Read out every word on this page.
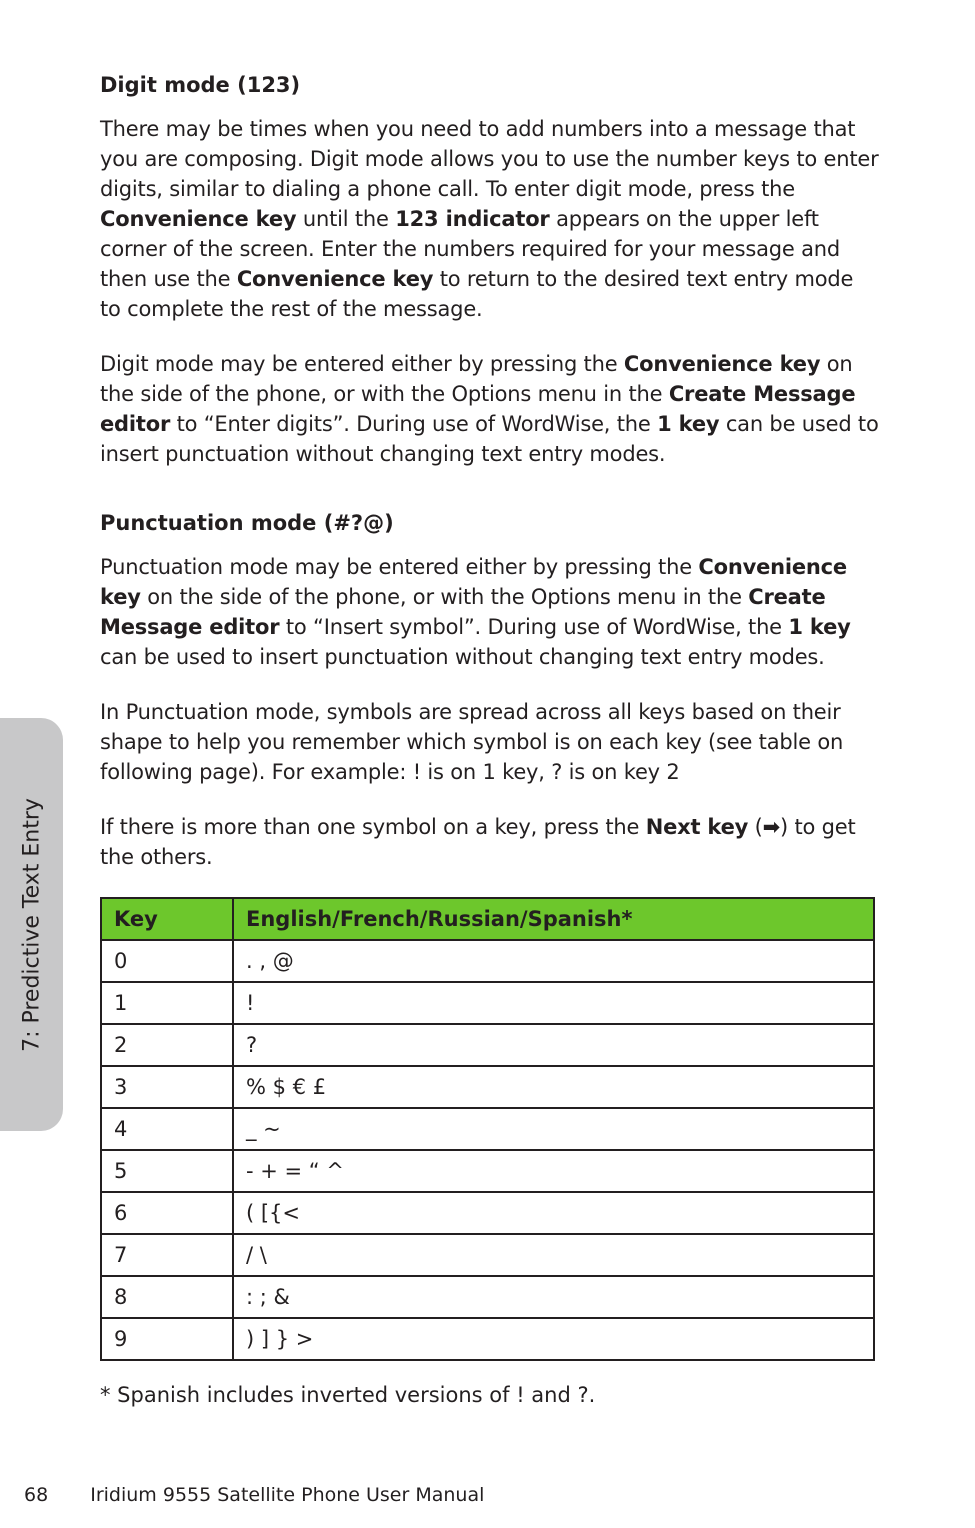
7: Predictive Text Entry
Digit mode (123)

There may be times when you need to add numbers into a message that you are composing. Digit mode allows you to use the number keys to enter digits, similar to dialing a phone call. To enter digit mode, press the Convenience key until the 123 indicator appears on the upper left corner of the screen. Enter the numbers required for your message and then use the Convenience key to return to the desired text entry mode to complete the rest of the message.

Digit mode may be entered either by pressing the Convenience key on the side of the phone, or with the Options menu in the Create Message editor to “Enter digits”. During use of WordWise, the 1 key can be used to insert punctuation without changing text entry modes.

Punctuation mode (#?@)

Punctuation mode may be entered either by pressing the Convenience key on the side of the phone, or with the Options menu in the Create Message editor to “Insert symbol”. During use of WordWise, the 1 key can be used to insert punctuation without changing text entry modes.

In Punctuation mode, symbols are spread across all keys based on their shape to help you remember which symbol is on each key (see table on following page). For example: ! is on 1 key, ? is on key 2

If there is more than one symbol on a key, press the Next key (➡) to get the others.

Key	English/French/Russian/Spanish*
0	. , @
1	!
2	?
3	% $ € £
4	_ ~
5	- + = “ ^
6	( [{<
7	/ \
8	: ; &
9	) ] } >
* Spanish includes inverted versions of ! and ?.
68 Iridium 9555 Satellite Phone User Manual
